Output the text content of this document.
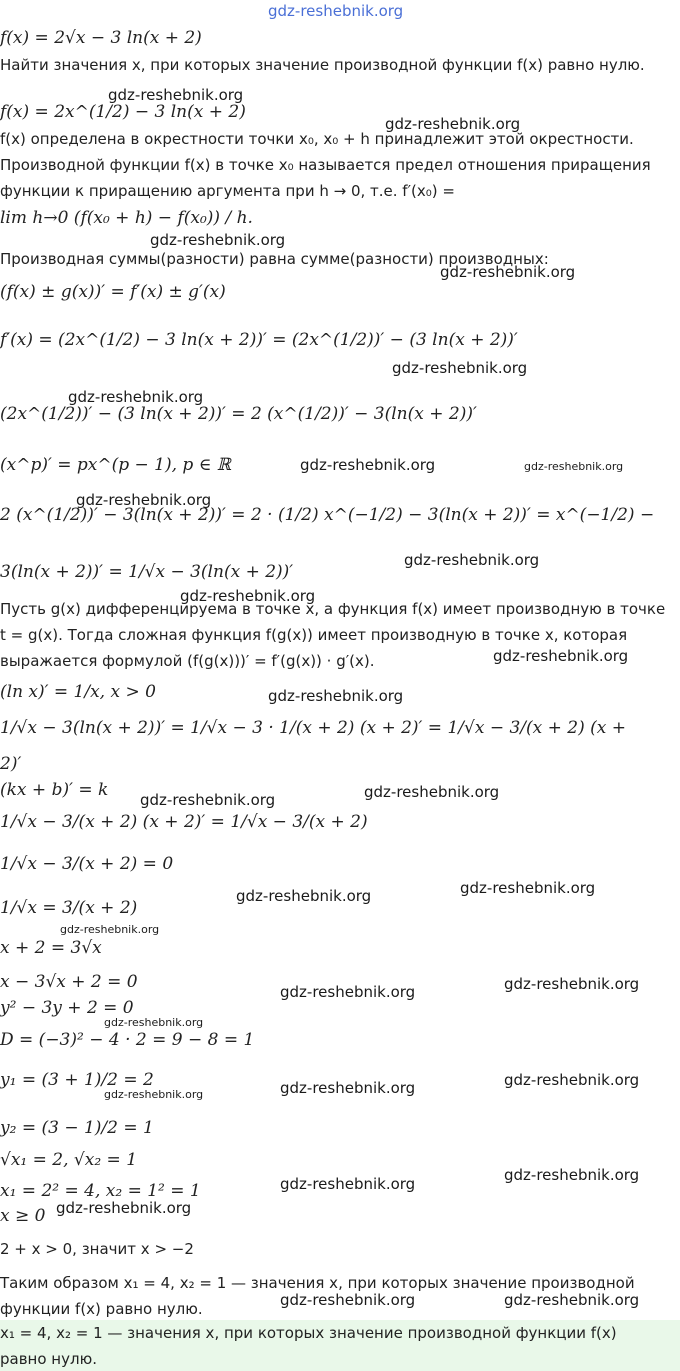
gdz-reshebnik.org
f(x) = 2√x − 3 ln(x + 2)
Найти значения x, при которых значение производной функции f(x) равно нулю.
f(x) = 2x^(1/2) − 3 ln(x + 2)
f(x) определена в окрестности точки x₀, x₀ + h принадлежит этой окрестности.
Производной функции f(x) в точке x₀ называется предел отношения приращения
функции к приращению аргумента при h → 0, т.е. f′(x₀) =
lim h→0 (f(x₀ + h) − f(x₀)) / h.
Производная суммы(разности) равна сумме(разности) производных:
(f(x) ± g(x))′ = f′(x) ± g′(x)
f′(x) = (2x^(1/2) − 3 ln(x + 2))′ = (2x^(1/2))′ − (3 ln(x + 2))′
(2x^(1/2))′ − (3 ln(x + 2))′ = 2 (x^(1/2))′ − 3(ln(x + 2))′
(x^p)′ = px^(p − 1), p ∈ ℝ
2 (x^(1/2))′ − 3(ln(x + 2))′ = 2 · (1/2) x^(−1/2) − 3(ln(x + 2))′ = x^(−1/2) −
3(ln(x + 2))′ = 1/√x − 3(ln(x + 2))′
Пусть g(x) дифференцируема в точке x, а функция f(x) имеет производную в точке
t = g(x). Тогда сложная функция f(g(x)) имеет производную в точке x, которая
выражается формулой (f(g(x)))′ = f′(g(x)) · g′(x).
(ln x)′ = 1/x, x > 0
1/√x − 3(ln(x + 2))′ = 1/√x − 3 · 1/(x + 2) (x + 2)′ = 1/√x − 3/(x + 2) (x +
2)′
(kx + b)′ = k
1/√x − 3/(x + 2) (x + 2)′ = 1/√x − 3/(x + 2)
1/√x − 3/(x + 2) = 0
1/√x = 3/(x + 2)
x + 2 = 3√x
x − 3√x + 2 = 0
y² − 3y + 2 = 0
D = (−3)² − 4 · 2 = 9 − 8 = 1
y₁ = (3 + 1)/2 = 2
y₂ = (3 − 1)/2 = 1
√x₁ = 2, √x₂ = 1
x₁ = 2² = 4, x₂ = 1² = 1
x ≥ 0
2 + x > 0, значит x > −2
Таким образом x₁ = 4, x₂ = 1 — значения x, при которых значение производной
функции f(x) равно нулю.
x₁ = 4, x₂ = 1 — значения x, при которых значение производной функции f(x)
равно нулю.
gdz-reshebnik.org
gdz-reshebnik.org
gdz-reshebnik.org
gdz-reshebnik.org
gdz-reshebnik.org
gdz-reshebnik.org
gdz-reshebnik.org	gdz-reshebnik.org
gdz-reshebnik.org
gdz-reshebnik.org
gdz-reshebnik.org
gdz-reshebnik.org
gdz-reshebnik.org
gdz-reshebnik.org	gdz-reshebnik.org
gdz-reshebnik.org
gdz-reshebnik.org
gdz-reshebnik.org
gdz-reshebnik.org
gdz-reshebnik.org
gdz-reshebnik.org
gdz-reshebnik.org
gdz-reshebnik.org
gdz-reshebnik.org
gdz-reshebnik.org
gdz-reshebnik.org
gdz-reshebnik.org
gdz-reshebnik.org
gdz-reshebnik.org
